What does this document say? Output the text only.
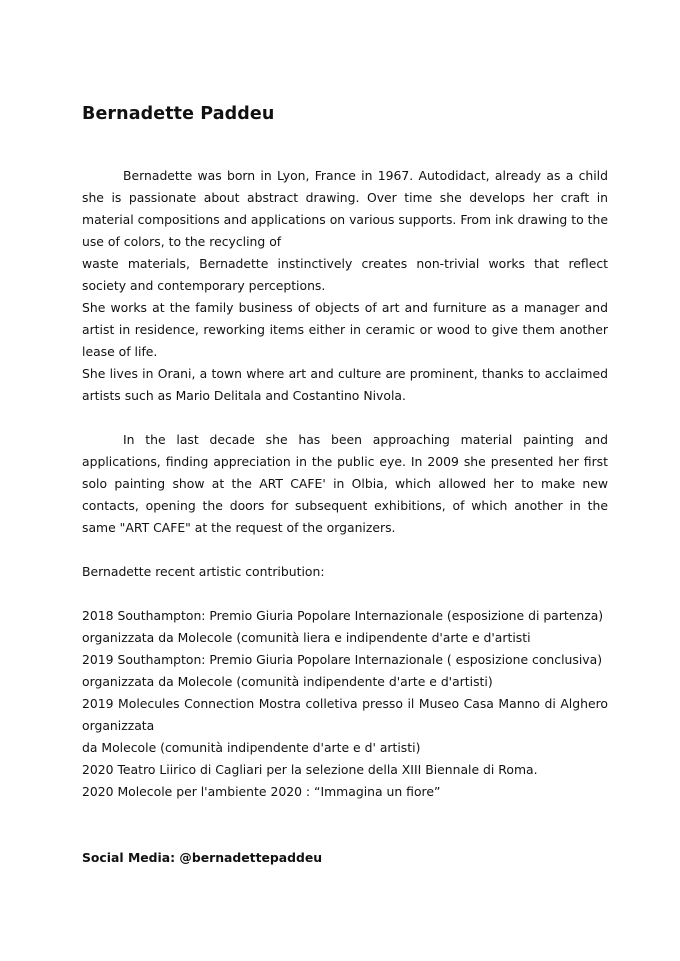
Bernadette Paddeu

Bernadette was born in Lyon, France in 1967. Autodidact, already as a child she is passionate about abstract drawing. Over time she develops her craft in material compositions and applications on various supports. From ink drawing to the use of colors, to the recycling of

waste materials, Bernadette instinctively creates non-trivial works that reflect society and contemporary perceptions.

She works at the family business of objects of art and furniture as a manager and artist in residence, reworking items either in ceramic or wood to give them another lease of life.

She lives in Orani, a town where art and culture are prominent, thanks to acclaimed artists such as Mario Delitala and Costantino Nivola.

In the last decade she has been approaching material painting and applications, finding appreciation in the public eye. In 2009 she presented her first solo painting show at the ART CAFE' in Olbia, which allowed her to make new contacts, opening the doors for subsequent exhibitions, of which another in the same "ART CAFE" at the request of the organizers.

Bernadette recent artistic contribution:

2018 Southampton: Premio Giuria Popolare Internazionale (esposizione di partenza)

organizzata da Molecole (comunità liera e indipendente d'arte e d'artisti

2019 Southampton: Premio Giuria Popolare Internazionale ( esposizione conclusiva)

organizzata da Molecole (comunità indipendente d'arte e d'artisti)

2019 Molecules Connection Mostra colletiva presso il Museo Casa Manno di Alghero organizzata

da Molecole (comunità indipendente d'arte e d' artisti)

2020 Teatro Liirico di Cagliari per la selezione della XIII Biennale di Roma.

2020 Molecole per l'ambiente 2020 : “Immagina un fiore”

Social Media: @bernadettepaddeu
